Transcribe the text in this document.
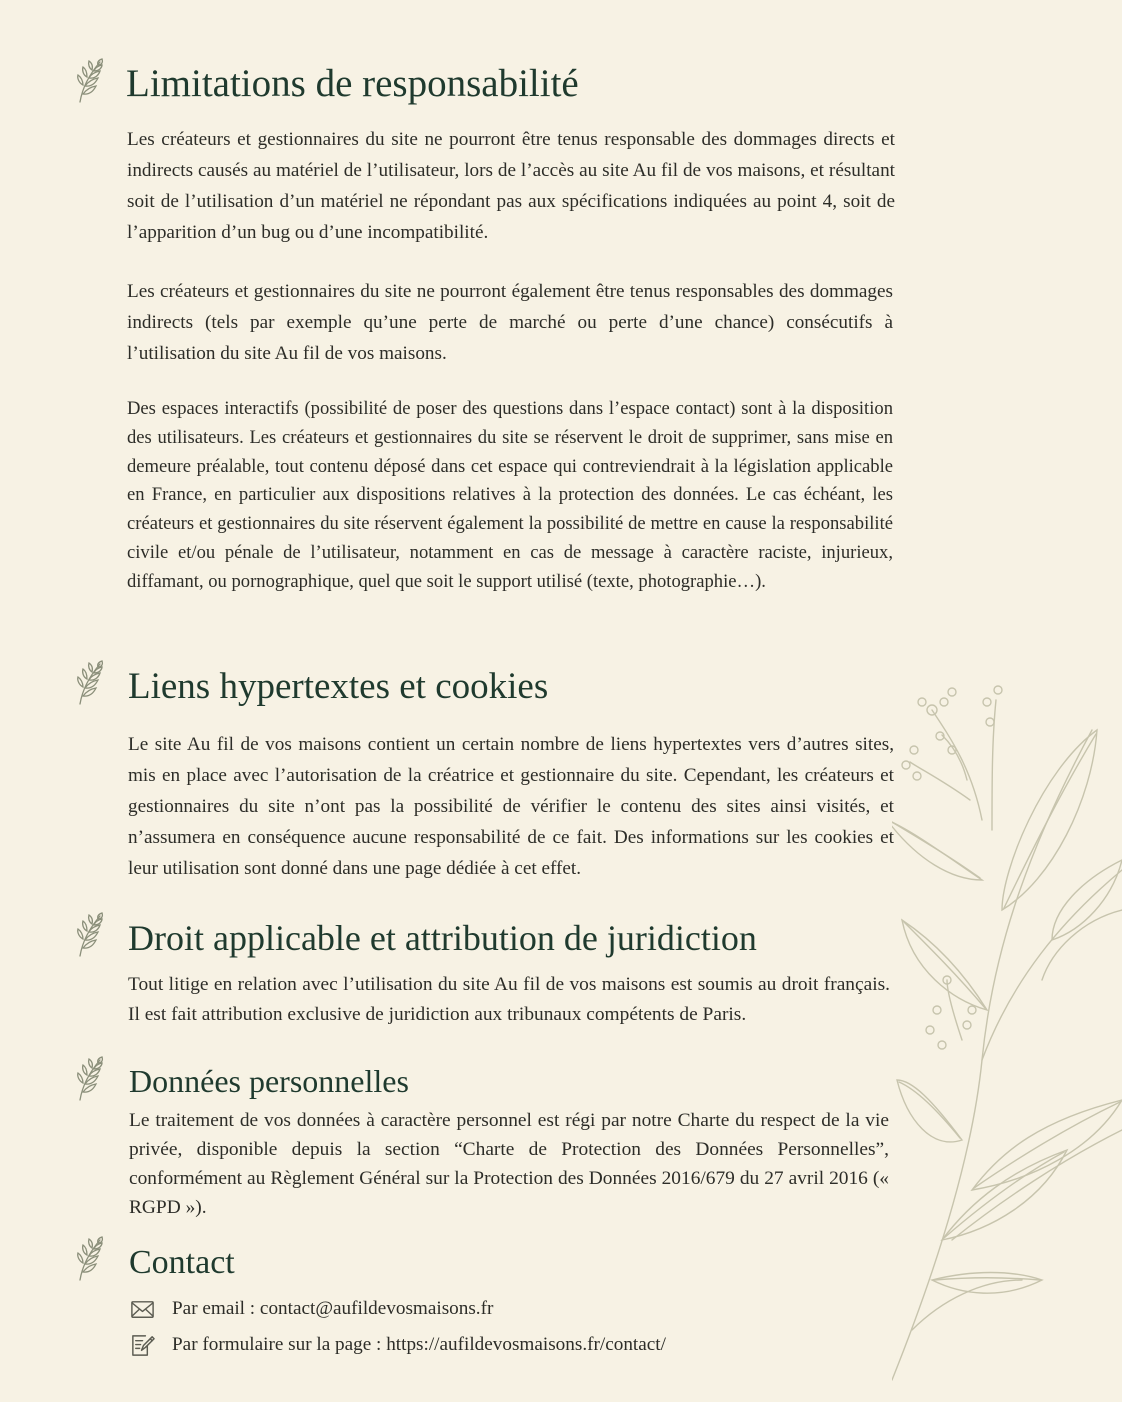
Limitations de responsabilité

Les créateurs et gestionnaires du site ne pourront être tenus responsable des dommages directs et indirects causés au matériel de l’utilisateur, lors de l’accès au site Au fil de vos maisons, et résultant soit de l’utilisation d’un matériel ne répondant pas aux spécifications indiquées au point 4, soit de l’apparition d’un bug ou d’une incompatibilité.

Les créateurs et gestionnaires du site ne pourront également être tenus responsables des dommages indirects (tels par exemple qu’une perte de marché ou perte d’une chance) consécutifs à l’utilisation du site Au fil de vos maisons.

Des espaces interactifs (possibilité de poser des questions dans l’espace contact) sont à la disposition des utilisateurs. Les créateurs et gestionnaires du site se réservent le droit de supprimer, sans mise en demeure préalable, tout contenu déposé dans cet espace qui contreviendrait à la législation applicable en France, en particulier aux dispositions relatives à la protection des données. Le cas échéant, les créateurs et gestionnaires du site réservent également la possibilité de mettre en cause la responsabilité civile et/ou pénale de l’utilisateur, notamment en cas de message à caractère raciste, injurieux, diffamant, ou pornographique, quel que soit le support utilisé (texte, photographie…).

Liens hypertextes et cookies

Le site Au fil de vos maisons contient un certain nombre de liens hypertextes vers d’autres sites, mis en place avec l’autorisation de la créatrice et gestionnaire du site. Cependant, les créateurs et gestionnaires du site n’ont pas la possibilité de vérifier le contenu des sites ainsi visités, et n’assumera en conséquence aucune responsabilité de ce fait. Des informations sur les cookies et leur utilisation sont donné dans une page dédiée à cet effet.

Droit applicable et attribution de juridiction

Tout litige en relation avec l’utilisation du site Au fil de vos maisons est soumis au droit français. Il est fait attribution exclusive de juridiction aux tribunaux compétents de Paris.

Données personnelles

Le traitement de vos données à caractère personnel est régi par notre Charte du respect de la vie privée, disponible depuis la section “Charte de Protection des Données Personnelles”, conformément au Règlement Général sur la Protection des Données 2016/679 du 27 avril 2016 (« RGPD »).

Contact
Par email : contact@aufildevosmaisons.fr
Par formulaire sur la page : https://aufildevosmaisons.fr/contact/
